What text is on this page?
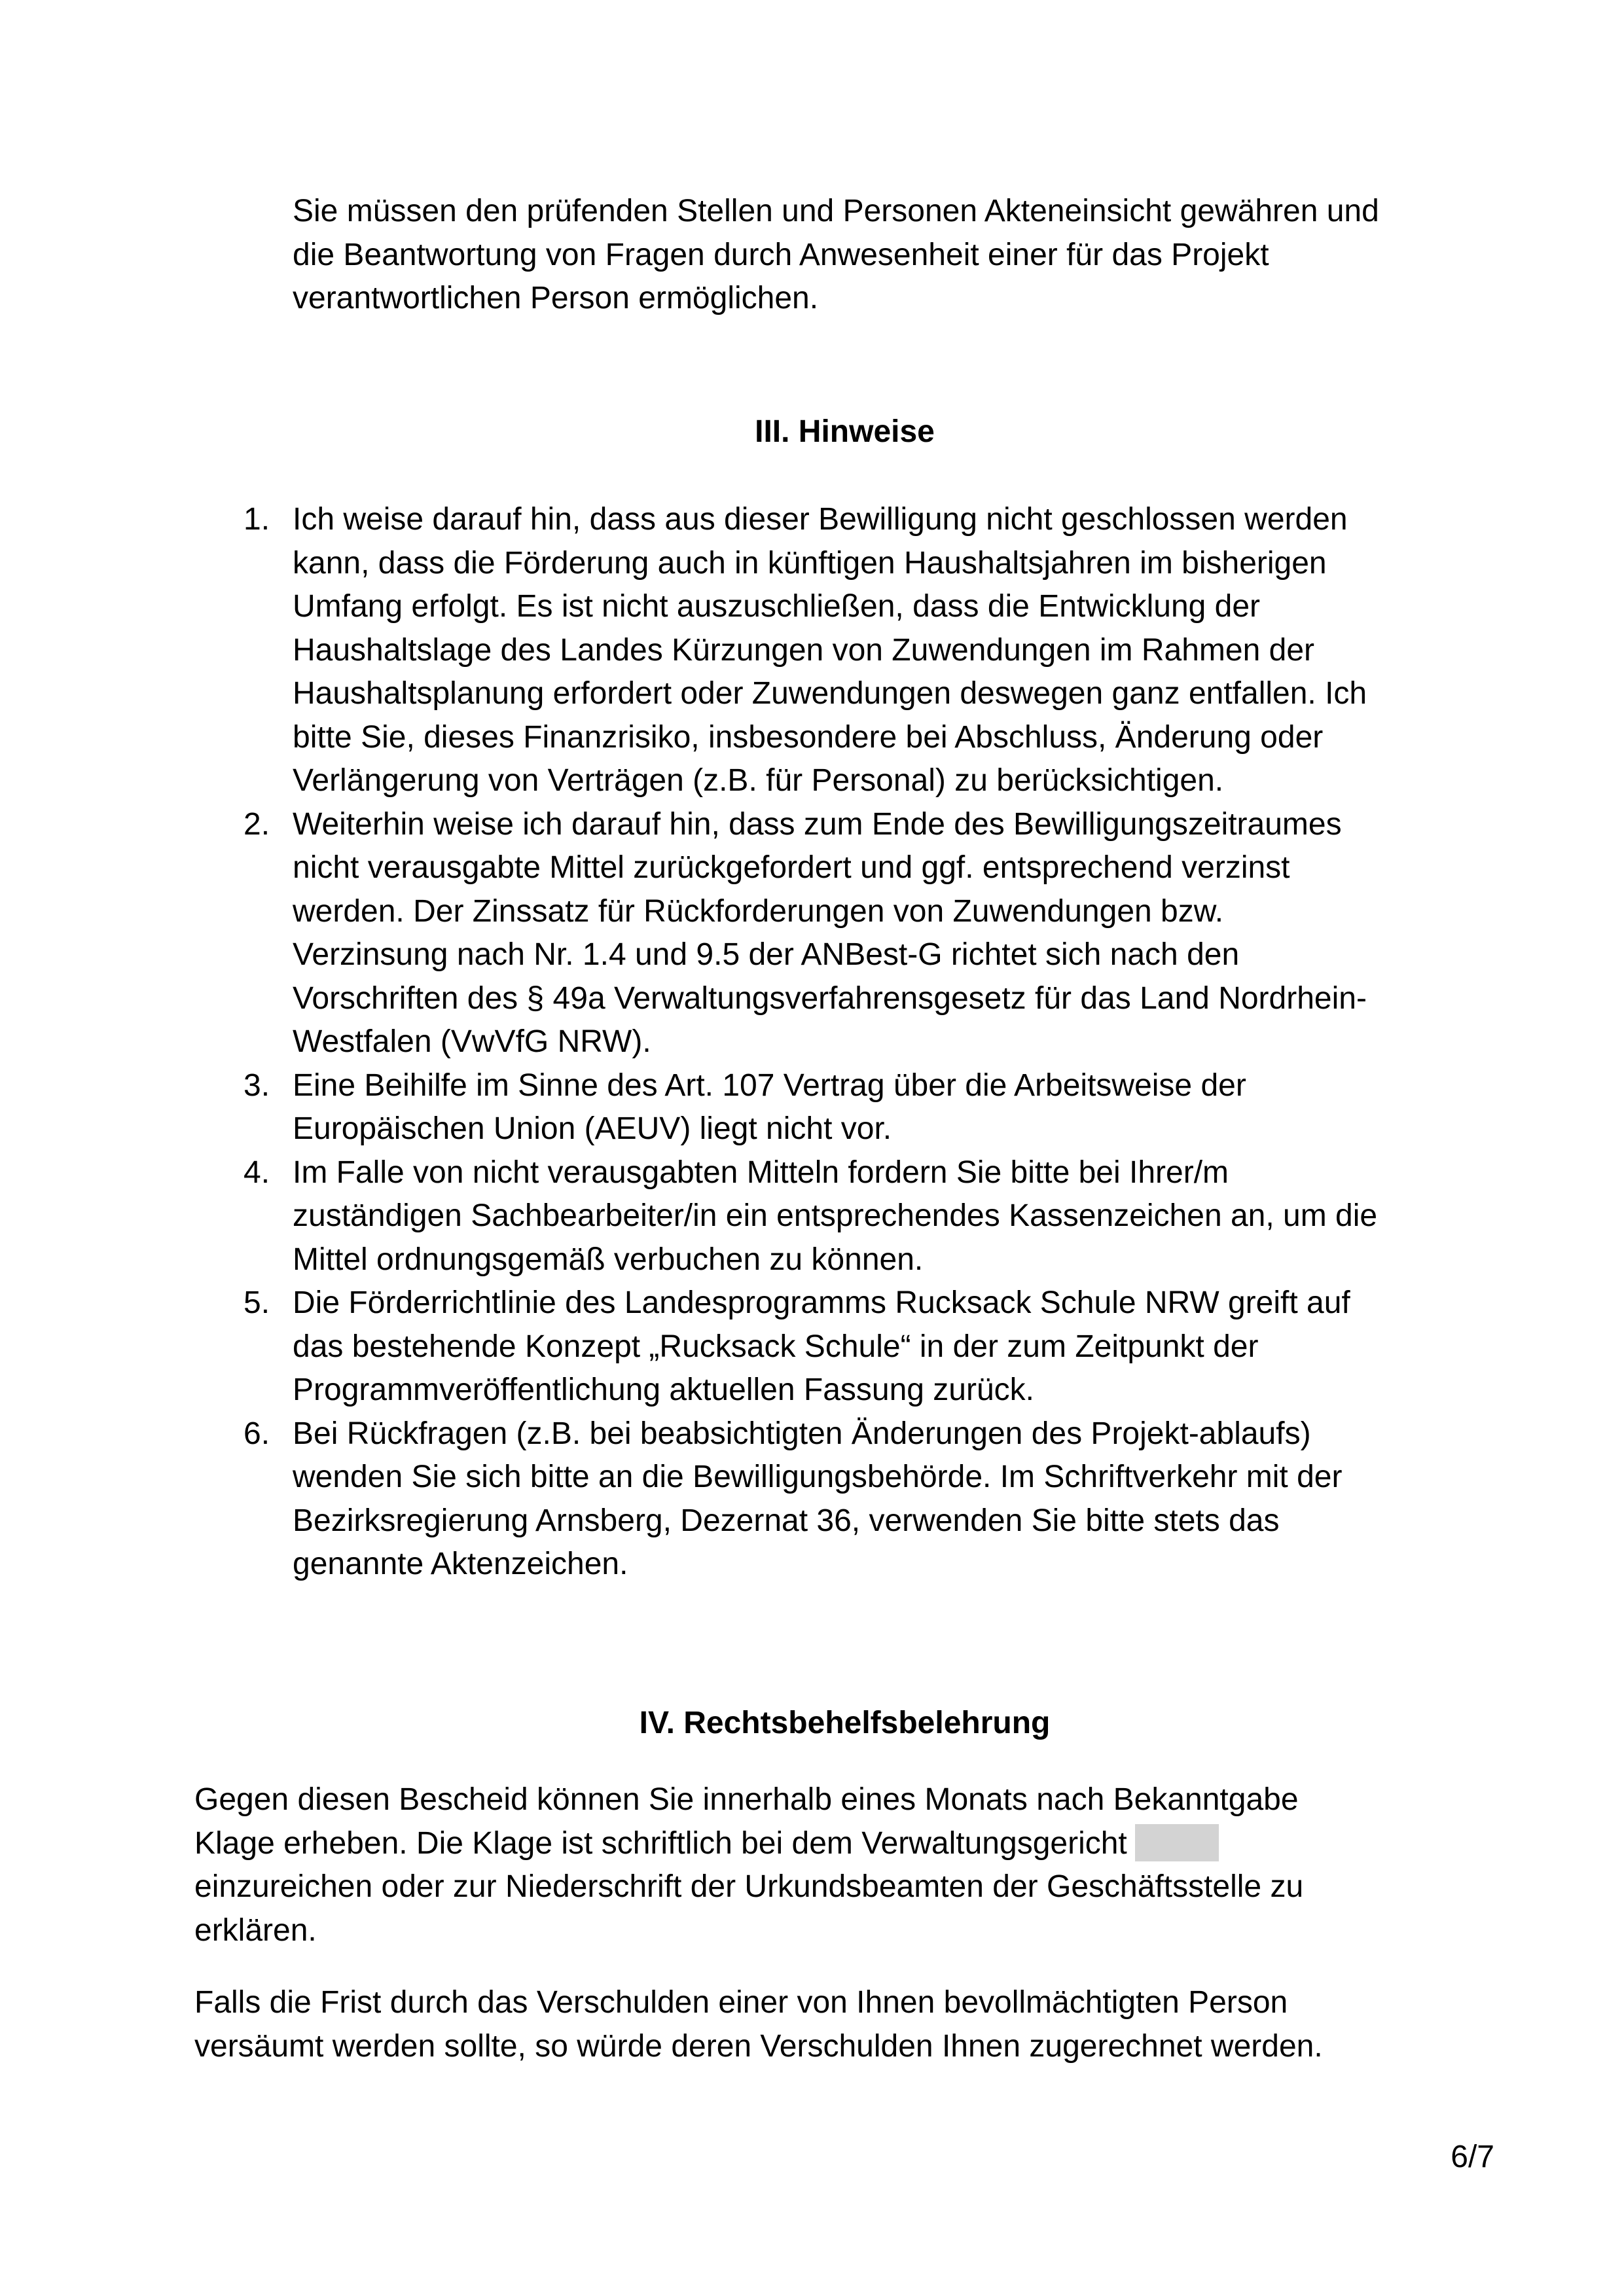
Sie müssen den prüfenden Stellen und Personen Akteneinsicht gewähren und
die Beantwortung von Fragen durch Anwesenheit einer für das Projekt
verantwortlichen Person ermöglichen.
III. Hinweise
1. Ich weise darauf hin, dass aus dieser Bewilligung nicht geschlossen werden
kann, dass die Förderung auch in künftigen Haushaltsjahren im bisherigen
Umfang erfolgt. Es ist nicht auszuschließen, dass die Entwicklung der
Haushaltslage des Landes Kürzungen von Zuwendungen im Rahmen der
Haushaltsplanung erfordert oder Zuwendungen deswegen ganz entfallen. Ich
bitte Sie, dieses Finanzrisiko, insbesondere bei Abschluss, Änderung oder
Verlängerung von Verträgen (z.B. für Personal) zu berücksichtigen.
2. Weiterhin weise ich darauf hin, dass zum Ende des Bewilligungszeitraumes
nicht verausgabte Mittel zurückgefordert und ggf. entsprechend verzinst
werden. Der Zinssatz für Rückforderungen von Zuwendungen bzw.
Verzinsung nach Nr. 1.4 und 9.5 der ANBest-G richtet sich nach den
Vorschriften des § 49a Verwaltungsverfahrensgesetz für das Land Nordrhein-
Westfalen (VwVfG NRW).
3. Eine Beihilfe im Sinne des Art. 107 Vertrag über die Arbeitsweise der
Europäischen Union (AEUV) liegt nicht vor.
4. Im Falle von nicht verausgabten Mitteln fordern Sie bitte bei Ihrer/m
zuständigen Sachbearbeiter/in ein entsprechendes Kassenzeichen an, um die
Mittel ordnungsgemäß verbuchen zu können.
5. Die Förderrichtlinie des Landesprogramms Rucksack Schule NRW greift auf
das bestehende Konzept „Rucksack Schule“ in der zum Zeitpunkt der
Programmveröffentlichung aktuellen Fassung zurück.
6. Bei Rückfragen (z.B. bei beabsichtigten Änderungen des Projekt-ablaufs)
wenden Sie sich bitte an die Bewilligungsbehörde. Im Schriftverkehr mit der
Bezirksregierung Arnsberg, Dezernat 36, verwenden Sie bitte stets das
genannte Aktenzeichen.
IV. Rechtsbehelfsbelehrung
Gegen diesen Bescheid können Sie innerhalb eines Monats nach Bekanntgabe
Klage erheben. Die Klage ist schriftlich bei dem Verwaltungsgericht
einzureichen oder zur Niederschrift der Urkundsbeamten der Geschäftsstelle zu
erklären.
Falls die Frist durch das Verschulden einer von Ihnen bevollmächtigten Person
versäumt werden sollte, so würde deren Verschulden Ihnen zugerechnet werden.
6/7
